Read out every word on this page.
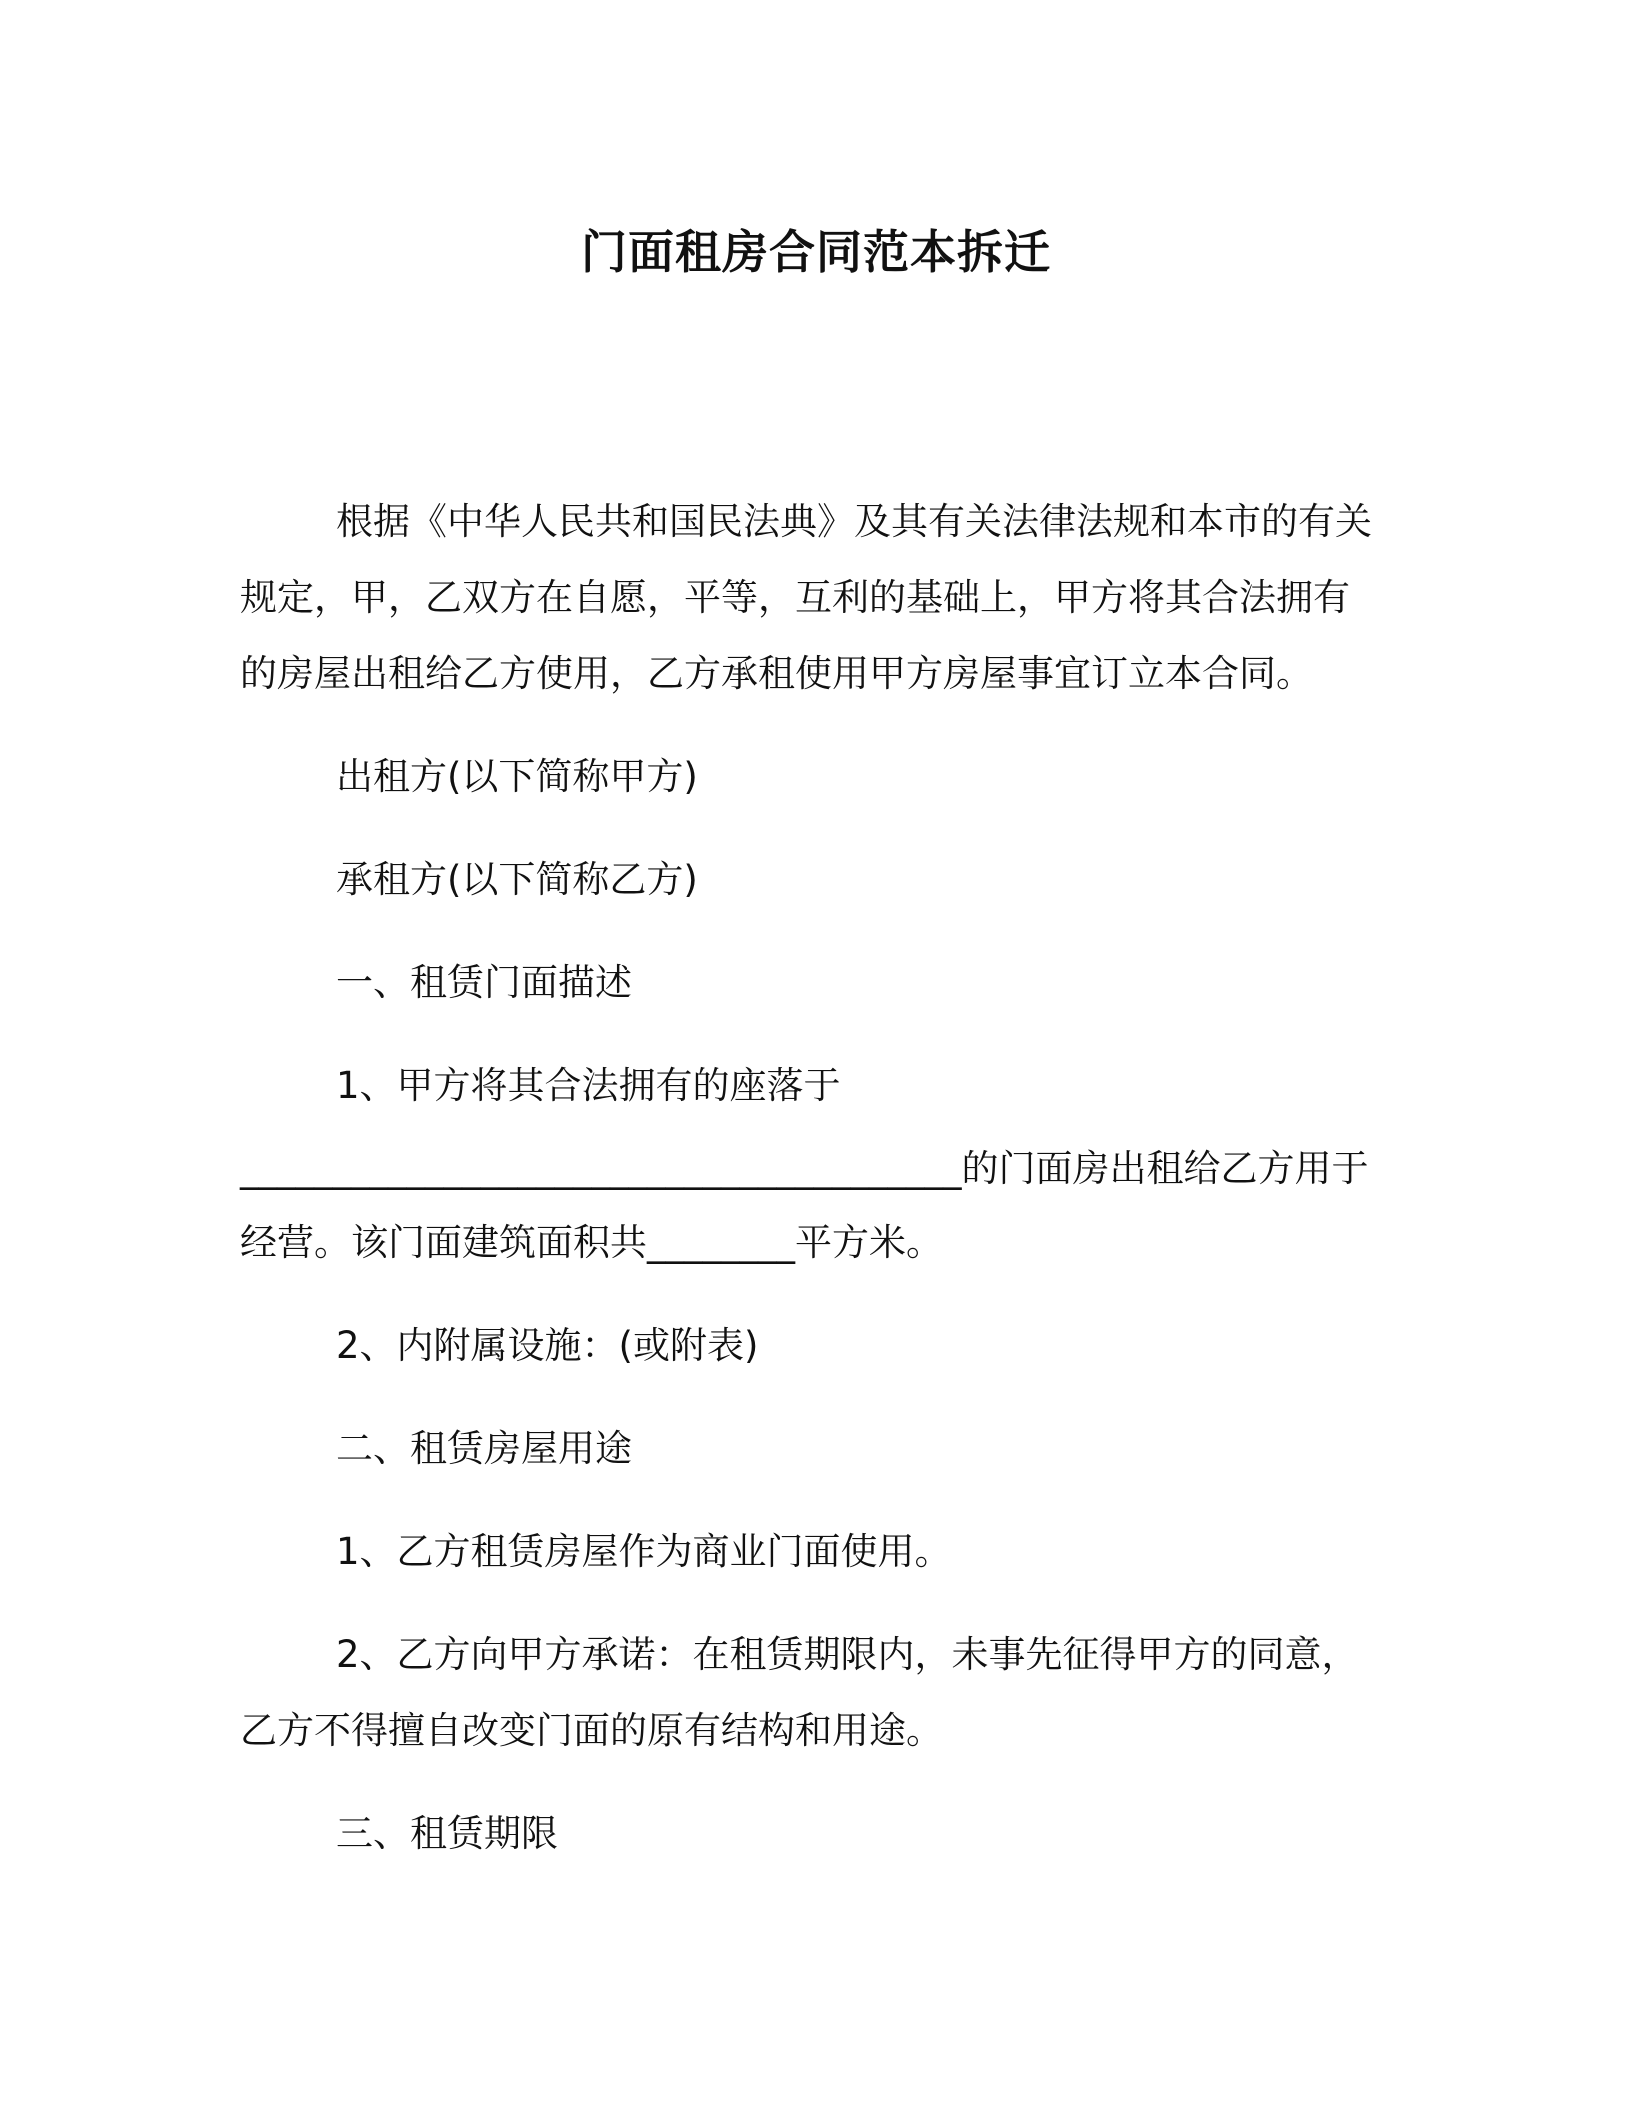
门面租房合同范本拆迁

根据《中华人民共和国民法典》及其有关法律法规和本市的有关

规定，甲，乙双方在自愿，平等，互利的基础上，甲方将其合法拥有

的房屋出租给乙方使用，乙方承租使用甲方房屋事宜订立本合同。

出租方(以下简称甲方)

承租方(以下简称乙方)

一、租赁门面描述

1、甲方将其合法拥有的座落于

_______________________________________的门面房出租给乙方用于

经营。该门面建筑面积共________平方米。

2、内附属设施：(或附表)

二、租赁房屋用途

1、乙方租赁房屋作为商业门面使用。

2、乙方向甲方承诺：在租赁期限内，未事先征得甲方的同意，

乙方不得擅自改变门面的原有结构和用途。

三、租赁期限
